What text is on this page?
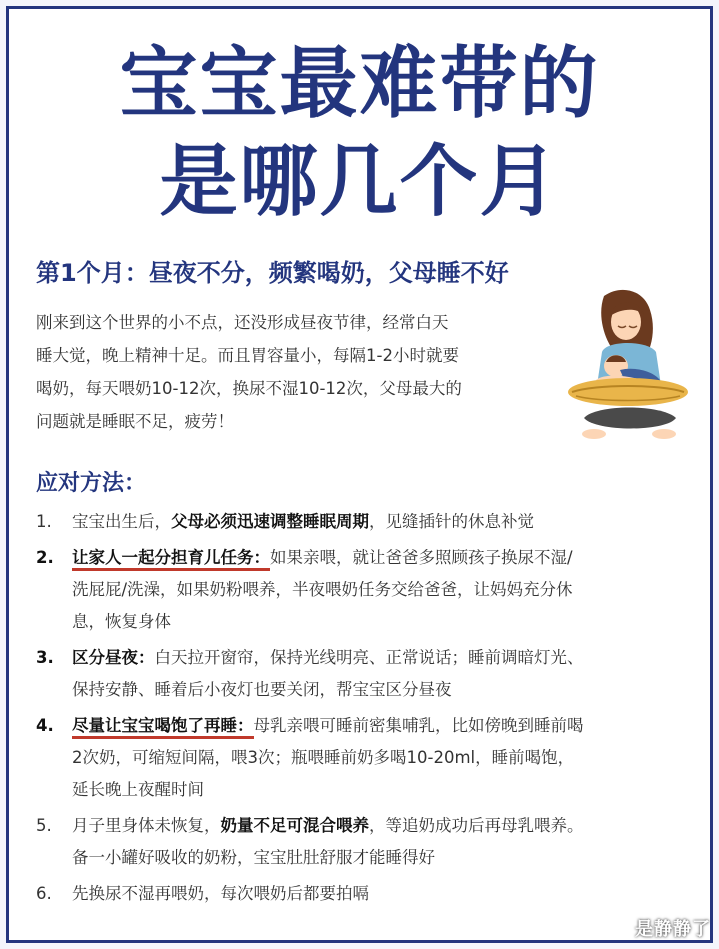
宝宝最难带的
是哪几个月
第1个月：昼夜不分，频繁喝奶，父母睡不好
刚来到这个世界的小不点，还没形成昼夜节律，经常白天
睡大觉，晚上精神十足。而且胃容量小，每隔1-2小时就要
喝奶，每天喂奶10-12次，换尿不湿10-12次，父母最大的
问题就是睡眠不足，疲劳！
应对方法：
1. 宝宝出生后，父母必须迅速调整睡眠周期，见缝插针的休息补觉
2. 让家人一起分担育儿任务：如果亲喂，就让爸爸多照顾孩子换尿不湿/
洗屁屁/洗澡，如果奶粉喂养，半夜喂奶任务交给爸爸，让妈妈充分休
息，恢复身体
3. 区分昼夜：白天拉开窗帘，保持光线明亮、正常说话；睡前调暗灯光、
保持安静、睡着后小夜灯也要关闭，帮宝宝区分昼夜
4. 尽量让宝宝喝饱了再睡：母乳亲喂可睡前密集哺乳，比如傍晚到睡前喝
2次奶，可缩短间隔，喂3次；瓶喂睡前奶多喝10-20ml，睡前喝饱，
延长晚上夜醒时间
5. 月子里身体未恢复，奶量不足可混合喂养，等追奶成功后再母乳喂养。
备一小罐好吸收的奶粉，宝宝肚肚舒服才能睡得好
6. 先换尿不湿再喂奶，每次喂奶后都要拍嗝
是静静了
